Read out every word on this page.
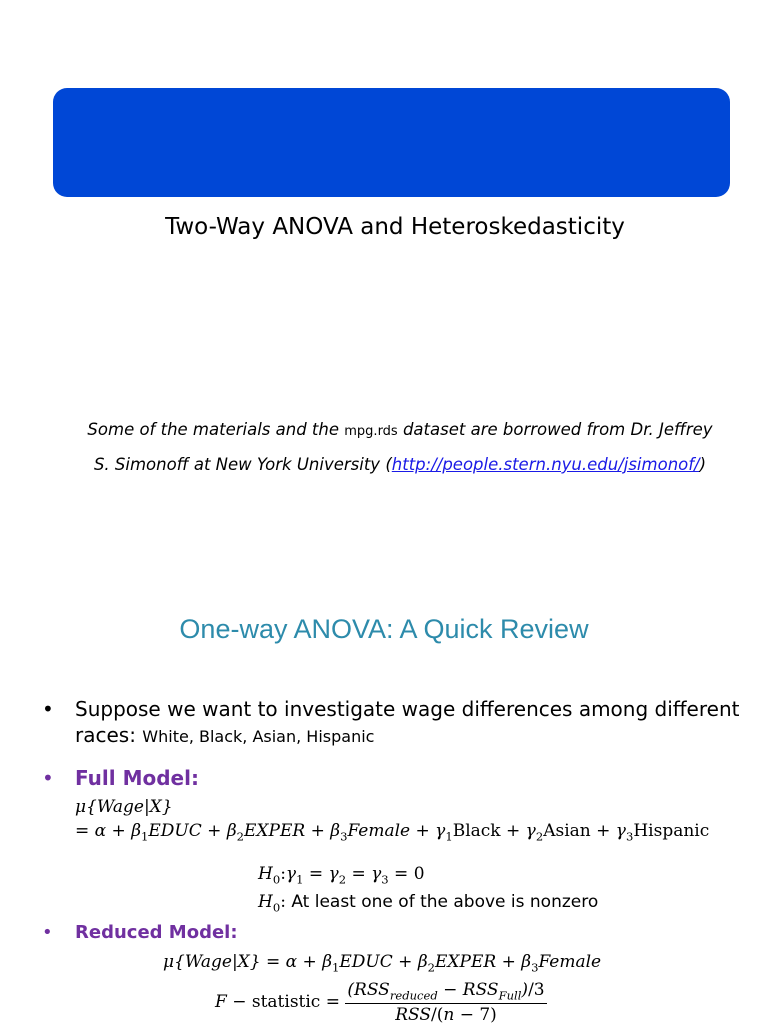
Two-Way ANOVA and Heteroskedasticity
Some of the materials and the mpg.rds dataset are borrowed from Dr. Jeffrey
S. Simonoff at New York University (http://people.stern.nyu.edu/jsimonof/)
One-way ANOVA: A Quick Review
• Suppose we want to investigate wage differences among different
races: White, Black, Asian, Hispanic
• Full Model:
μ{Wage|X}
= $\alpha + \beta_1EDUC$ + $\beta_2EXPER$ + $\beta_3Female$ + $\gamma_1Black$ + $\gamma_2Asian$ + $\gamma_3Hispanic$
$H_0:\gamma_1 = \gamma_2 = \gamma_3 = 0$
$H_0$: At least one of the above is nonzero
• Reduced Model:
μ{Wage|X} = $\alpha + \beta_1EDUC$ + $\beta_2EXPER$ + $\beta_3Female$
F − statistic = $\frac{(RSS_{reduced} - RSS_{Full})/3}{\text{RSS/(n − 7)}}$
